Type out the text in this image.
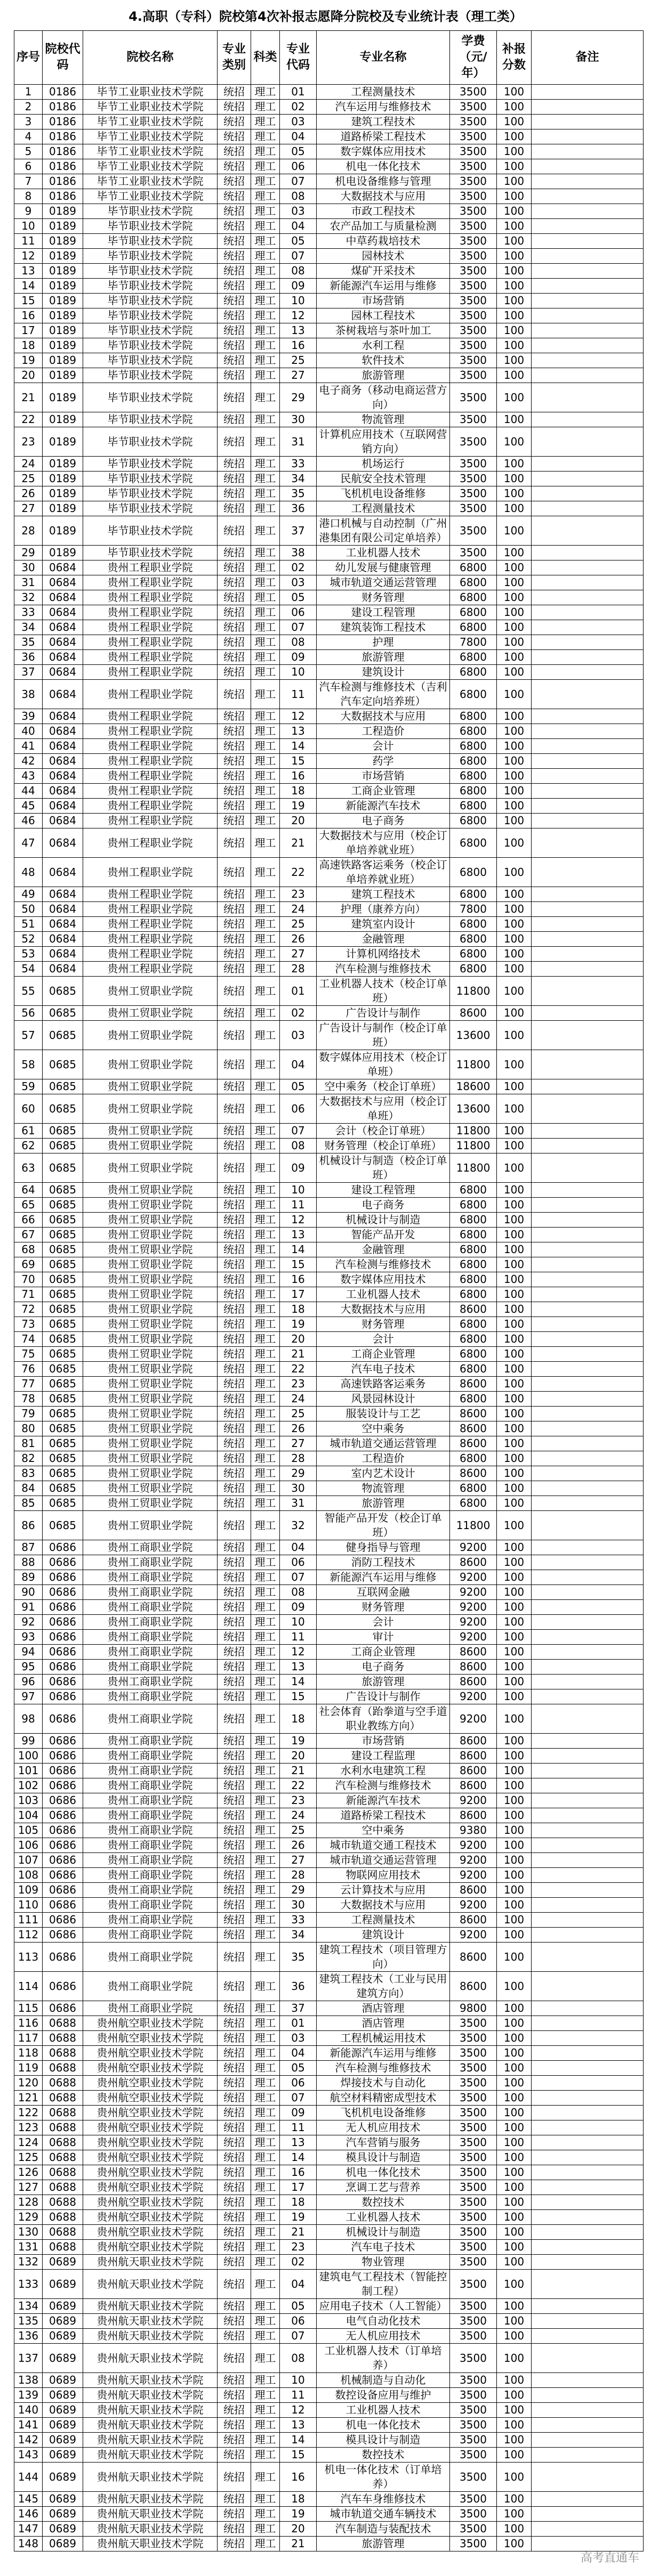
4.高职（专科）院校第4次补报志愿降分院校及专业统计表（理工类）
序号	院校代码	院校名称	专业类别	科类	专业代码	专业名称	学费（元/年）	补报分数	备注
1	0186	毕节工业职业技术学院	统招	理工	01	工程测量技术	3500	100	
2	0186	毕节工业职业技术学院	统招	理工	02	汽车运用与维修技术	3500	100	
3	0186	毕节工业职业技术学院	统招	理工	03	建筑工程技术	3500	100	
4	0186	毕节工业职业技术学院	统招	理工	04	道路桥梁工程技术	3500	100	
5	0186	毕节工业职业技术学院	统招	理工	05	数字媒体应用技术	3500	100	
6	0186	毕节工业职业技术学院	统招	理工	06	机电一体化技术	3500	100	
7	0186	毕节工业职业技术学院	统招	理工	07	机电设备维修与管理	3500	100	
8	0186	毕节工业职业技术学院	统招	理工	08	大数据技术与应用	3500	100	
9	0189	毕节职业技术学院	统招	理工	03	市政工程技术	3500	100	
10	0189	毕节职业技术学院	统招	理工	04	农产品加工与质量检测	3500	100	
11	0189	毕节职业技术学院	统招	理工	05	中草药栽培技术	3500	100	
12	0189	毕节职业技术学院	统招	理工	07	园林技术	3500	100	
13	0189	毕节职业技术学院	统招	理工	08	煤矿开采技术	3500	100	
14	0189	毕节职业技术学院	统招	理工	09	新能源汽车运用与维修	3500	100	
15	0189	毕节职业技术学院	统招	理工	10	市场营销	3500	100	
16	0189	毕节职业技术学院	统招	理工	12	园林工程技术	3500	100	
17	0189	毕节职业技术学院	统招	理工	13	茶树栽培与茶叶加工	3500	100	
18	0189	毕节职业技术学院	统招	理工	16	水利工程	3500	100	
19	0189	毕节职业技术学院	统招	理工	25	软件技术	3500	100	
20	0189	毕节职业技术学院	统招	理工	27	旅游管理	3500	100	
21	0189	毕节职业技术学院	统招	理工	29	电子商务（移动电商运营方向）	3500	100	
22	0189	毕节职业技术学院	统招	理工	30	物流管理	3500	100	
23	0189	毕节职业技术学院	统招	理工	31	计算机应用技术（互联网营销方向）	3500	100	
24	0189	毕节职业技术学院	统招	理工	33	机场运行	3500	100	
25	0189	毕节职业技术学院	统招	理工	34	民航安全技术管理	3500	100	
26	0189	毕节职业技术学院	统招	理工	35	飞机机电设备维修	3500	100	
27	0189	毕节职业技术学院	统招	理工	36	工程测量技术	3500	100	
28	0189	毕节职业技术学院	统招	理工	37	港口机械与自动控制（广州港集团有限公司定单培养）	3500	100	
29	0189	毕节职业技术学院	统招	理工	38	工业机器人技术	3500	100	
30	0684	贵州工程职业学院	统招	理工	02	幼儿发展与健康管理	6800	100	
31	0684	贵州工程职业学院	统招	理工	03	城市轨道交通运营管理	6800	100	
32	0684	贵州工程职业学院	统招	理工	05	财务管理	6800	100	
33	0684	贵州工程职业学院	统招	理工	06	建设工程管理	6800	100	
34	0684	贵州工程职业学院	统招	理工	07	建筑装饰工程技术	6800	100	
35	0684	贵州工程职业学院	统招	理工	08	护理	7800	100	
36	0684	贵州工程职业学院	统招	理工	09	旅游管理	6800	100	
37	0684	贵州工程职业学院	统招	理工	10	建筑设计	6800	100	
38	0684	贵州工程职业学院	统招	理工	11	汽车检测与维修技术（吉利汽车定向培养班）	6800	100	
39	0684	贵州工程职业学院	统招	理工	12	大数据技术与应用	6800	100	
40	0684	贵州工程职业学院	统招	理工	13	工程造价	6800	100	
41	0684	贵州工程职业学院	统招	理工	14	会计	6800	100	
42	0684	贵州工程职业学院	统招	理工	15	药学	6800	100	
43	0684	贵州工程职业学院	统招	理工	16	市场营销	6800	100	
44	0684	贵州工程职业学院	统招	理工	18	工商企业管理	6800	100	
45	0684	贵州工程职业学院	统招	理工	19	新能源汽车技术	6800	100	
46	0684	贵州工程职业学院	统招	理工	20	电子商务	6800	100	
47	0684	贵州工程职业学院	统招	理工	21	大数据技术与应用（校企订单培养就业班）	6800	100	
48	0684	贵州工程职业学院	统招	理工	22	高速铁路客运乘务（校企订单培养就业班）	6800	100	
49	0684	贵州工程职业学院	统招	理工	23	建筑工程技术	6800	100	
50	0684	贵州工程职业学院	统招	理工	24	护理（康养方向）	7800	100	
51	0684	贵州工程职业学院	统招	理工	25	建筑室内设计	6800	100	
52	0684	贵州工程职业学院	统招	理工	26	金融管理	6800	100	
53	0684	贵州工程职业学院	统招	理工	27	计算机网络技术	6800	100	
54	0684	贵州工程职业学院	统招	理工	28	汽车检测与维修技术	6800	100	
55	0685	贵州工贸职业学院	统招	理工	01	工业机器人技术（校企订单班）	11800	100	
56	0685	贵州工贸职业学院	统招	理工	02	广告设计与制作	8600	100	
57	0685	贵州工贸职业学院	统招	理工	03	广告设计与制作（校企订单班）	13600	100	
58	0685	贵州工贸职业学院	统招	理工	04	数字媒体应用技术（校企订单班）	11800	100	
59	0685	贵州工贸职业学院	统招	理工	05	空中乘务（校企订单班）	18600	100	
60	0685	贵州工贸职业学院	统招	理工	06	大数据技术与应用（校企订单班）	13600	100	
61	0685	贵州工贸职业学院	统招	理工	07	会计（校企订单班）	11800	100	
62	0685	贵州工贸职业学院	统招	理工	08	财务管理（校企订单班）	11800	100	
63	0685	贵州工贸职业学院	统招	理工	09	机械设计与制造（校企订单班）	11800	100	
64	0685	贵州工贸职业学院	统招	理工	10	建设工程管理	6800	100	
65	0685	贵州工贸职业学院	统招	理工	11	电子商务	6800	100	
66	0685	贵州工贸职业学院	统招	理工	12	机械设计与制造	6800	100	
67	0685	贵州工贸职业学院	统招	理工	13	智能产品开发	6800	100	
68	0685	贵州工贸职业学院	统招	理工	14	金融管理	6800	100	
69	0685	贵州工贸职业学院	统招	理工	15	汽车检测与维修技术	6800	100	
70	0685	贵州工贸职业学院	统招	理工	16	数字媒体应用技术	6800	100	
71	0685	贵州工贸职业学院	统招	理工	17	工业机器人技术	6800	100	
72	0685	贵州工贸职业学院	统招	理工	18	大数据技术与应用	8600	100	
73	0685	贵州工贸职业学院	统招	理工	19	财务管理	6800	100	
74	0685	贵州工贸职业学院	统招	理工	20	会计	6800	100	
75	0685	贵州工贸职业学院	统招	理工	21	工商企业管理	6800	100	
76	0685	贵州工贸职业学院	统招	理工	22	汽车电子技术	6800	100	
77	0685	贵州工贸职业学院	统招	理工	23	高速铁路客运乘务	8600	100	
78	0685	贵州工贸职业学院	统招	理工	24	风景园林设计	6800	100	
79	0685	贵州工贸职业学院	统招	理工	25	服装设计与工艺	8600	100	
80	0685	贵州工贸职业学院	统招	理工	26	空中乘务	8600	100	
81	0685	贵州工贸职业学院	统招	理工	27	城市轨道交通运营管理	8600	100	
82	0685	贵州工贸职业学院	统招	理工	28	工程造价	6800	100	
83	0685	贵州工贸职业学院	统招	理工	29	室内艺术设计	8600	100	
84	0685	贵州工贸职业学院	统招	理工	30	物流管理	6800	100	
85	0685	贵州工贸职业学院	统招	理工	31	旅游管理	6800	100	
86	0685	贵州工贸职业学院	统招	理工	32	智能产品开发（校企订单班）	11800	100	
87	0686	贵州工商职业学院	统招	理工	04	健身指导与管理	9200	100	
88	0686	贵州工商职业学院	统招	理工	06	消防工程技术	8600	100	
89	0686	贵州工商职业学院	统招	理工	07	新能源汽车运用与维修	9200	100	
90	0686	贵州工商职业学院	统招	理工	08	互联网金融	9200	100	
91	0686	贵州工商职业学院	统招	理工	09	财务管理	9200	100	
92	0686	贵州工商职业学院	统招	理工	10	会计	9200	100	
93	0686	贵州工商职业学院	统招	理工	11	审计	9200	100	
94	0686	贵州工商职业学院	统招	理工	12	工商企业管理	8600	100	
95	0686	贵州工商职业学院	统招	理工	13	电子商务	8600	100	
96	0686	贵州工商职业学院	统招	理工	14	旅游管理	8600	100	
97	0686	贵州工商职业学院	统招	理工	15	广告设计与制作	9200	100	
98	0686	贵州工商职业学院	统招	理工	18	社会体育（跆拳道与空手道职业教练方向）	9200	100	
99	0686	贵州工商职业学院	统招	理工	19	市场营销	8600	100	
100	0686	贵州工商职业学院	统招	理工	20	建设工程监理	8600	100	
101	0686	贵州工商职业学院	统招	理工	21	水利水电建筑工程	8600	100	
102	0686	贵州工商职业学院	统招	理工	22	汽车检测与维修技术	8600	100	
103	0686	贵州工商职业学院	统招	理工	23	新能源汽车技术	9200	100	
104	0686	贵州工商职业学院	统招	理工	24	道路桥梁工程技术	8600	100	
105	0686	贵州工商职业学院	统招	理工	25	空中乘务	9380	100	
106	0686	贵州工商职业学院	统招	理工	26	城市轨道交通工程技术	9200	100	
107	0686	贵州工商职业学院	统招	理工	27	城市轨道交通运营管理	9200	100	
108	0686	贵州工商职业学院	统招	理工	28	物联网应用技术	9200	100	
109	0686	贵州工商职业学院	统招	理工	29	云计算技术与应用	8600	100	
110	0686	贵州工商职业学院	统招	理工	30	大数据技术与应用	9200	100	
111	0686	贵州工商职业学院	统招	理工	33	工程测量技术	8600	100	
112	0686	贵州工商职业学院	统招	理工	34	建筑设计	9200	100	
113	0686	贵州工商职业学院	统招	理工	35	建筑工程技术（项目管理方向）	8600	100	
114	0686	贵州工商职业学院	统招	理工	36	建筑工程技术（工业与民用建筑方向）	8600	100	
115	0686	贵州工商职业学院	统招	理工	37	酒店管理	9800	100	
116	0688	贵州航空职业技术学院	统招	理工	01	酒店管理	3500	100	
117	0688	贵州航空职业技术学院	统招	理工	03	工程机械运用技术	3500	100	
118	0688	贵州航空职业技术学院	统招	理工	04	新能源汽车运用与维修	3500	100	
119	0688	贵州航空职业技术学院	统招	理工	05	汽车检测与维修技术	3500	100	
120	0688	贵州航空职业技术学院	统招	理工	06	焊接技术与自动化	3500	100	
121	0688	贵州航空职业技术学院	统招	理工	07	航空材料精密成型技术	3500	100	
122	0688	贵州航空职业技术学院	统招	理工	09	飞机机电设备维修	3500	100	
123	0688	贵州航空职业技术学院	统招	理工	11	无人机应用技术	3500	100	
124	0688	贵州航空职业技术学院	统招	理工	13	汽车营销与服务	3500	100	
125	0688	贵州航空职业技术学院	统招	理工	14	模具设计与制造	3500	100	
126	0688	贵州航空职业技术学院	统招	理工	16	机电一体化技术	3500	100	
127	0688	贵州航空职业技术学院	统招	理工	17	烹调工艺与营养	3500	100	
128	0688	贵州航空职业技术学院	统招	理工	18	数控技术	3500	100	
129	0688	贵州航空职业技术学院	统招	理工	19	工业机器人技术	3500	100	
130	0688	贵州航空职业技术学院	统招	理工	21	机械设计与制造	3500	100	
131	0688	贵州航空职业技术学院	统招	理工	23	汽车电子技术	3500	100	
132	0689	贵州航天职业技术学院	统招	理工	02	物业管理	3500	100	
133	0689	贵州航天职业技术学院	统招	理工	04	建筑电气工程技术（智能控制工程）	3500	100	
134	0689	贵州航天职业技术学院	统招	理工	05	应用电子技术（人工智能）	3500	100	
135	0689	贵州航天职业技术学院	统招	理工	06	电气自动化技术	3500	100	
136	0689	贵州航天职业技术学院	统招	理工	07	无人机应用技术	3500	100	
137	0689	贵州航天职业技术学院	统招	理工	08	工业机器人技术（订单培养）	3500	100	
138	0689	贵州航天职业技术学院	统招	理工	10	机械制造与自动化	3500	100	
139	0689	贵州航天职业技术学院	统招	理工	11	数控设备应用与维护	3500	100	
140	0689	贵州航天职业技术学院	统招	理工	12	工业机器人技术	3500	100	
141	0689	贵州航天职业技术学院	统招	理工	13	机电一体化技术	3500	100	
142	0689	贵州航天职业技术学院	统招	理工	14	模具设计与制造	3500	100	
143	0689	贵州航天职业技术学院	统招	理工	15	数控技术	3500	100	
144	0689	贵州航天职业技术学院	统招	理工	16	机电一体化技术（订单培养）	3500	100	
145	0689	贵州航天职业技术学院	统招	理工	18	汽车车身维修技术	3500	100	
146	0689	贵州航天职业技术学院	统招	理工	19	城市轨道交通车辆技术	3500	100	
147	0689	贵州航天职业技术学院	统招	理工	20	汽车制造与装配技术	3500	100	
148	0689	贵州航天职业技术学院	统招	理工	21	旅游管理	3500	100	
高考直通车
